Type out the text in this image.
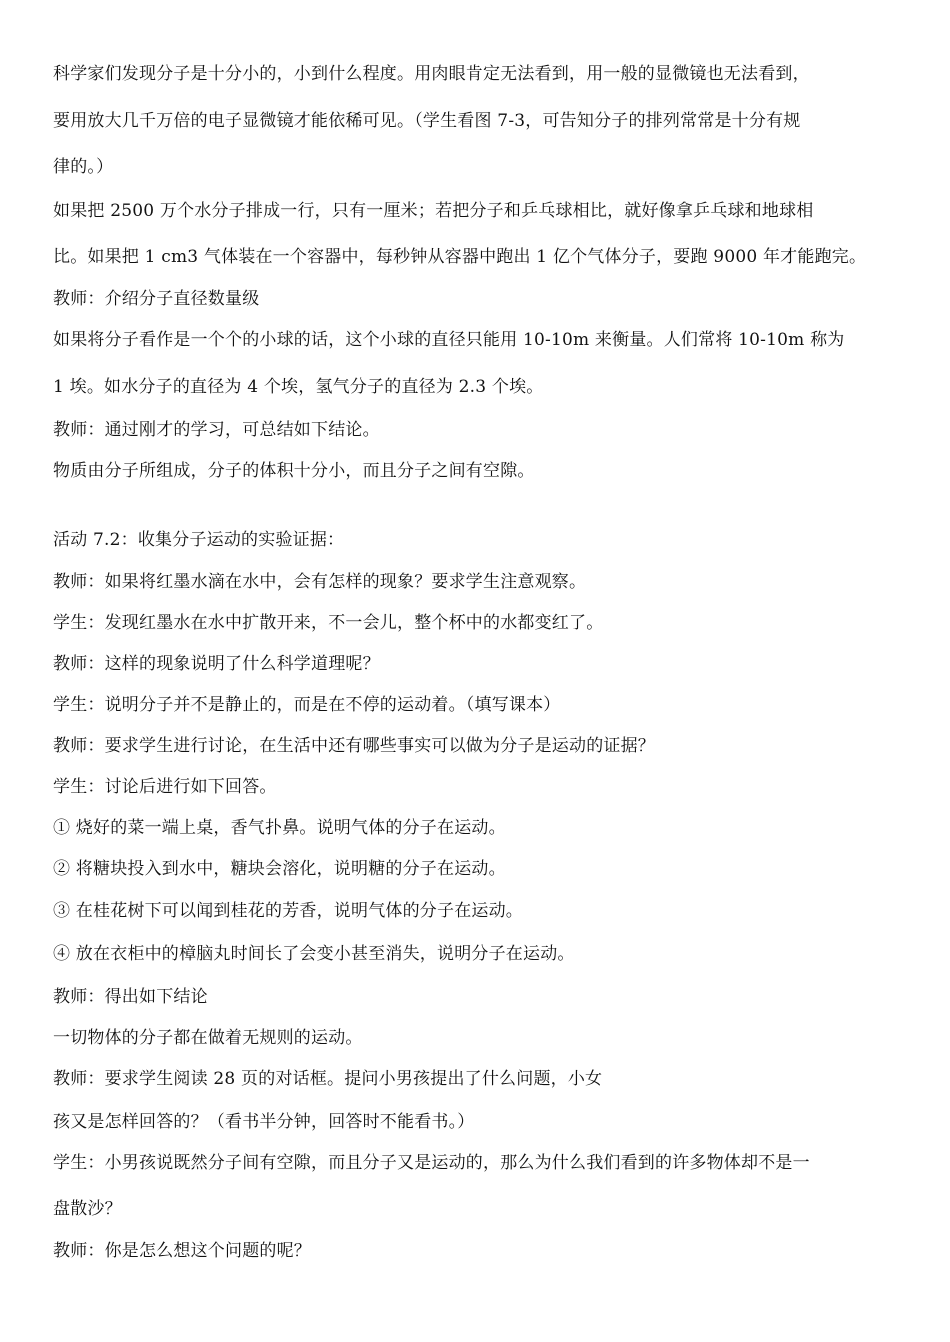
科学家们发现分子是十分小的，小到什么程度。用肉眼肯定无法看到，用一般的显微镜也无法看到，
要用放大几千万倍的电子显微镜才能依稀可见。（学生看图 7-3，可告知分子的排列常常是十分有规
律的。）
如果把 2500 万个水分子排成一行，只有一厘米；若把分子和乒乓球相比，就好像拿乒乓球和地球相
比。如果把 1 cm3 气体装在一个容器中，每秒钟从容器中跑出 1 亿个气体分子，要跑 9000 年才能跑完。
教师：介绍分子直径数量级
如果将分子看作是一个个的小球的话，这个小球的直径只能用 10-10m 来衡量。人们常将 10-10m 称为
1 埃。如水分子的直径为 4 个埃，氢气分子的直径为 2.3 个埃。
教师：通过刚才的学习，可总结如下结论。
物质由分子所组成，分子的体积十分小，而且分子之间有空隙。
活动 7.2：收集分子运动的实验证据：
教师：如果将红墨水滴在水中，会有怎样的现象？要求学生注意观察。
学生：发现红墨水在水中扩散开来，不一会儿，整个杯中的水都变红了。
教师：这样的现象说明了什么科学道理呢？
学生：说明分子并不是静止的，而是在不停的运动着。（填写课本）
教师：要求学生进行讨论，在生活中还有哪些事实可以做为分子是运动的证据？
学生：讨论后进行如下回答。
① 烧好的菜一端上桌，香气扑鼻。说明气体的分子在运动。
② 将糖块投入到水中，糖块会溶化，说明糖的分子在运动。
③ 在桂花树下可以闻到桂花的芳香，说明气体的分子在运动。
④ 放在衣柜中的樟脑丸时间长了会变小甚至消失，说明分子在运动。
教师：得出如下结论
一切物体的分子都在做着无规则的运动。
教师：要求学生阅读 28 页的对话框。提问小男孩提出了什么问题，小女
孩又是怎样回答的？（看书半分钟，回答时不能看书。）
学生：小男孩说既然分子间有空隙，而且分子又是运动的，那么为什么我们看到的许多物体却不是一
盘散沙？
教师：你是怎么想这个问题的呢？
